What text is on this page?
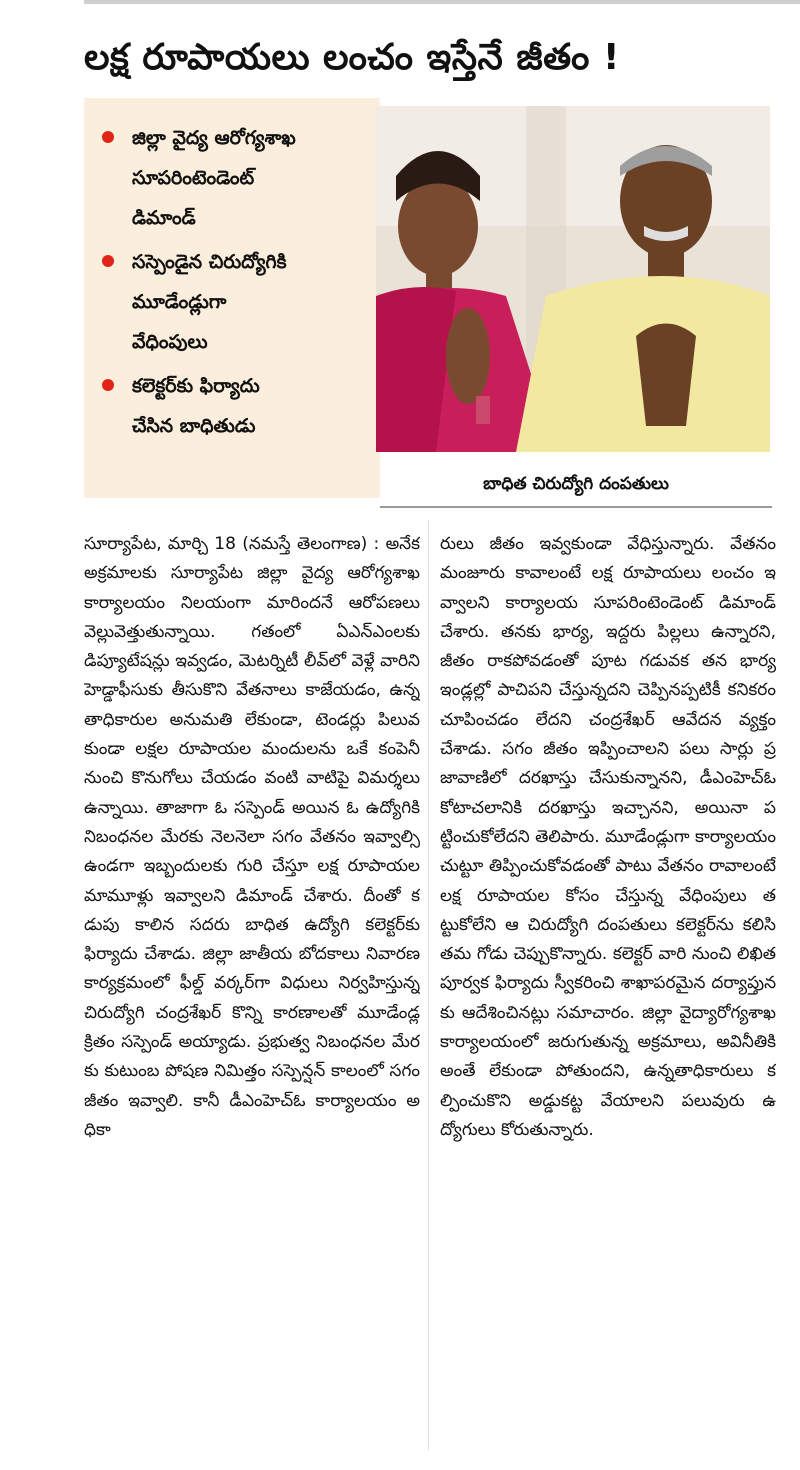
లక్ష రూపాయలు లంచం ఇస్తేనే జీతం !
జిల్లా వైద్య ఆరోగ్యశాఖ
సూపరింటెండెంట్
డిమాండ్
సస్పెండైన చిరుద్యోగికి
మూడేండ్లుగా
వేధింపులు
కలెక్టర్‌కు ఫిర్యాదు
చేసిన బాధితుడు
బాధిత చిరుద్యోగి దంపతులు

సూర్యాపేట, మార్చి 18 (నమస్తే తెలంగాణ) : అనేక అక్రమాలకు సూర్యాపేట జిల్లా వైద్య ఆరోగ్యశాఖ కార్యాలయం నిలయంగా మారిందనే ఆరోపణలు వెల్లువెత్తుతున్నాయి. గతంలో ఏఎన్ఎంలకు డిప్యూటేషన్లు ఇవ్వడం, మెటర్నిటీ లీవ్‌లో వెళ్లే వారిని హెడ్డాఫీసుకు తీసుకొని వేతనాలు కాజేయడం, ఉన్నతాధికారుల అనుమతి లేకుండా, టెండర్లు పిలువకుండా లక్షల రూపాయల మందులను ఒకే కంపెనీ నుంచి కొనుగోలు చేయడం వంటి వాటిపై విమర్శలు ఉన్నాయి. తాజాగా ఓ సస్పెండ్ అయిన ఓ ఉద్యోగికి నిబంధనల మేరకు నెలనెలా సగం వేతనం ఇవ్వాల్సి ఉండగా ఇబ్బందులకు గురి చేస్తూ లక్ష రూపాయల మామూళ్లు ఇవ్వాలని డిమాండ్ చేశారు. దీంతో కడుపు కాలిన సదరు బాధిత ఉద్యోగి కలెక్టర్‌కు ఫిర్యాదు చేశాడు. జిల్లా జాతీయ బోదకాలు నివారణ కార్యక్రమంలో ఫీల్డ్ వర్కర్‌గా విధులు నిర్వహిస్తున్న చిరుద్యోగి చంద్రశేఖర్ కొన్ని కారణాలతో మూడేండ్ల క్రితం సస్పెండ్ అయ్యాడు. ప్రభుత్వ నిబంధనల మేరకు కుటుంబ పోషణ నిమిత్తం సస్పెన్షన్ కాలంలో సగం జీతం ఇవ్వాలి. కానీ డీఎంహెచ్‌ఓ కార్యాలయం అధికా

రులు జీతం ఇవ్వకుండా వేధిస్తున్నారు. వేతనం మంజూరు కావాలంటే లక్ష రూపాయలు లంచం ఇవ్వాలని కార్యాలయ సూపరింటెండెంట్ డిమాండ్ చేశారు. తనకు భార్య, ఇద్దరు పిల్లలు ఉన్నారని, జీతం రాకపోవడంతో పూట గడువక తన భార్య ఇండ్లల్లో పాచిపని చేస్తున్నదని చెప్పినప్పటికీ కనికరం చూపించడం లేదని చంద్రశేఖర్ ఆవేదన వ్యక్తం చేశాడు. సగం జీతం ఇప్పించాలని పలు సార్లు ప్రజావాణిలో దరఖాస్తు చేసుకున్నానని, డీఎంహెచ్‌ఓ కోటాచలానికి దరఖాస్తు ఇచ్చానని, అయినా పట్టించుకోలేదని తెలిపారు. మూడేండ్లుగా కార్యాలయం చుట్టూ తిప్పించుకోవడంతో పాటు వేతనం రావాలంటే లక్ష రూపాయల కోసం చేస్తున్న వేధింపులు తట్టుకోలేని ఆ చిరుద్యోగి దంపతులు కలెక్టర్‌ను కలిసి తమ గోడు చెప్పుకొన్నారు. కలెక్టర్ వారి నుంచి లిఖిత పూర్వక ఫిర్యాదు స్వీకరించి శాఖాపరమైన దర్యాప్తునకు ఆదేశించినట్లు సమాచారం. జిల్లా వైద్యారోగ్యశాఖ కార్యాలయంలో జరుగుతున్న అక్రమాలు, అవినీతికి అంతే లేకుండా పోతుందని, ఉన్నతాధికారులు కల్పించుకొని అడ్డుకట్ట వేయాలని పలువురు ఉద్యోగులు కోరుతున్నారు.
